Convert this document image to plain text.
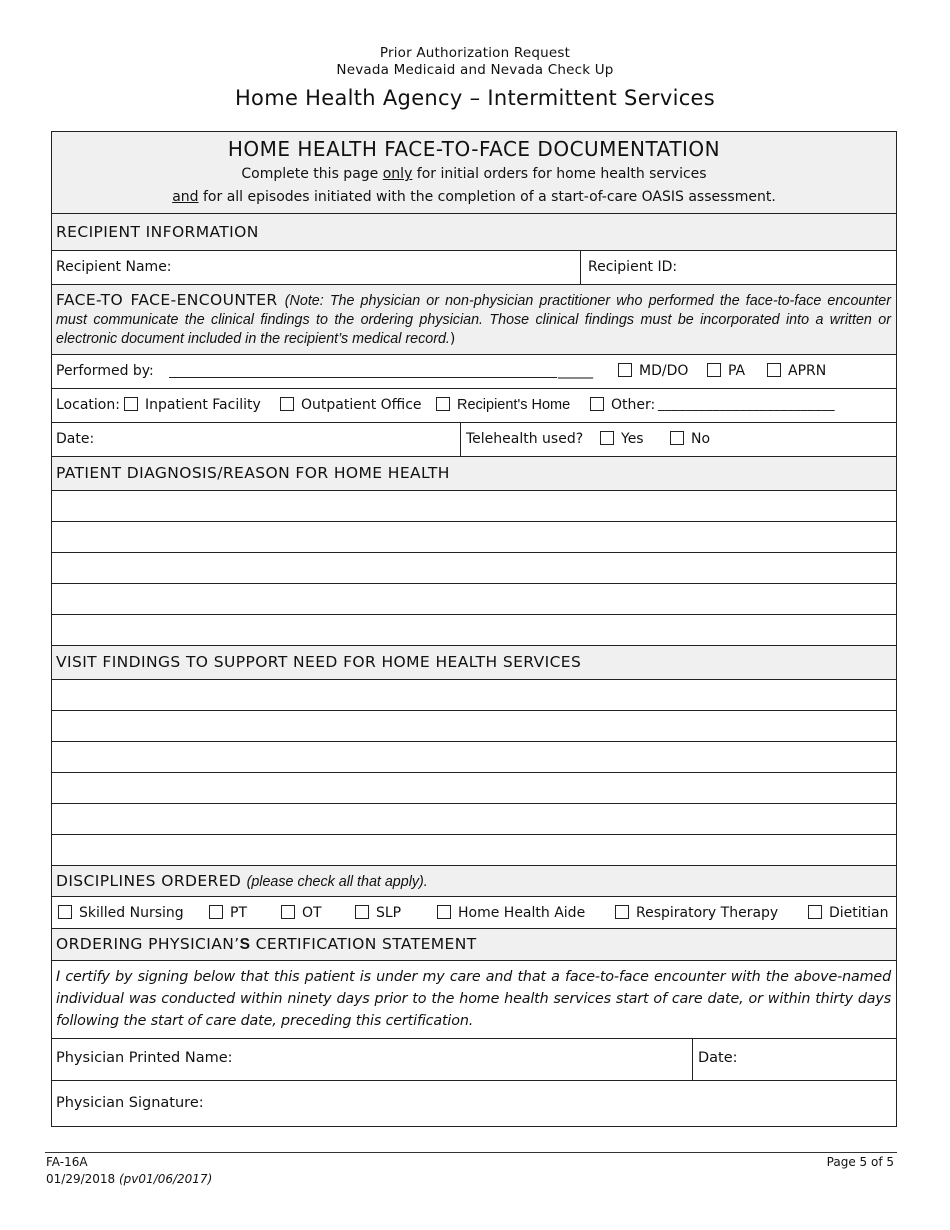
Prior Authorization Request
Nevada Medicaid and Nevada Check Up
Home Health Agency – Intermittent Services
HOME HEALTH FACE-TO-FACE DOCUMENTATION
Complete this page only for initial orders for home health services
and for all episodes initiated with the completion of a start-of-care OASIS assessment.
RECIPIENT INFORMATION
Recipient Name:	Recipient ID:
FACE-TO FACE-ENCOUNTER (Note: The physician or non-physician practitioner who performed the face-to-face encounter must communicate the clinical findings to the ordering physician. Those clinical findings must be incorporated into a written or electronic document included in the recipient’s medical record.)
Performed by:	_____	MD/DO	PA	APRN
Location:	Inpatient Facility	Outpatient Office	Recipient's Home	Other: __________________________
Date:	Telehealth used?	Yes	No
PATIENT DIAGNOSIS/REASON FOR HOME HEALTH
VISIT FINDINGS TO SUPPORT NEED FOR HOME HEALTH SERVICES
DISCIPLINES ORDERED (please check all that apply).
Skilled Nursing	PT	OT	SLP	Home Health Aide	Respiratory Therapy	Dietitian
ORDERING PHYSICIAN’S CERTIFICATION STATEMENT
I certify by signing below that this patient is under my care and that a face-to-face encounter with the above-named individual was conducted within ninety days prior to the home health services start of care date, or within thirty days following the start of care date, preceding this certification.
Physician Printed Name:	Date:
Physician Signature:
FA-16A
01/29/2018 (pv01/06/2017)
Page 5 of 5
